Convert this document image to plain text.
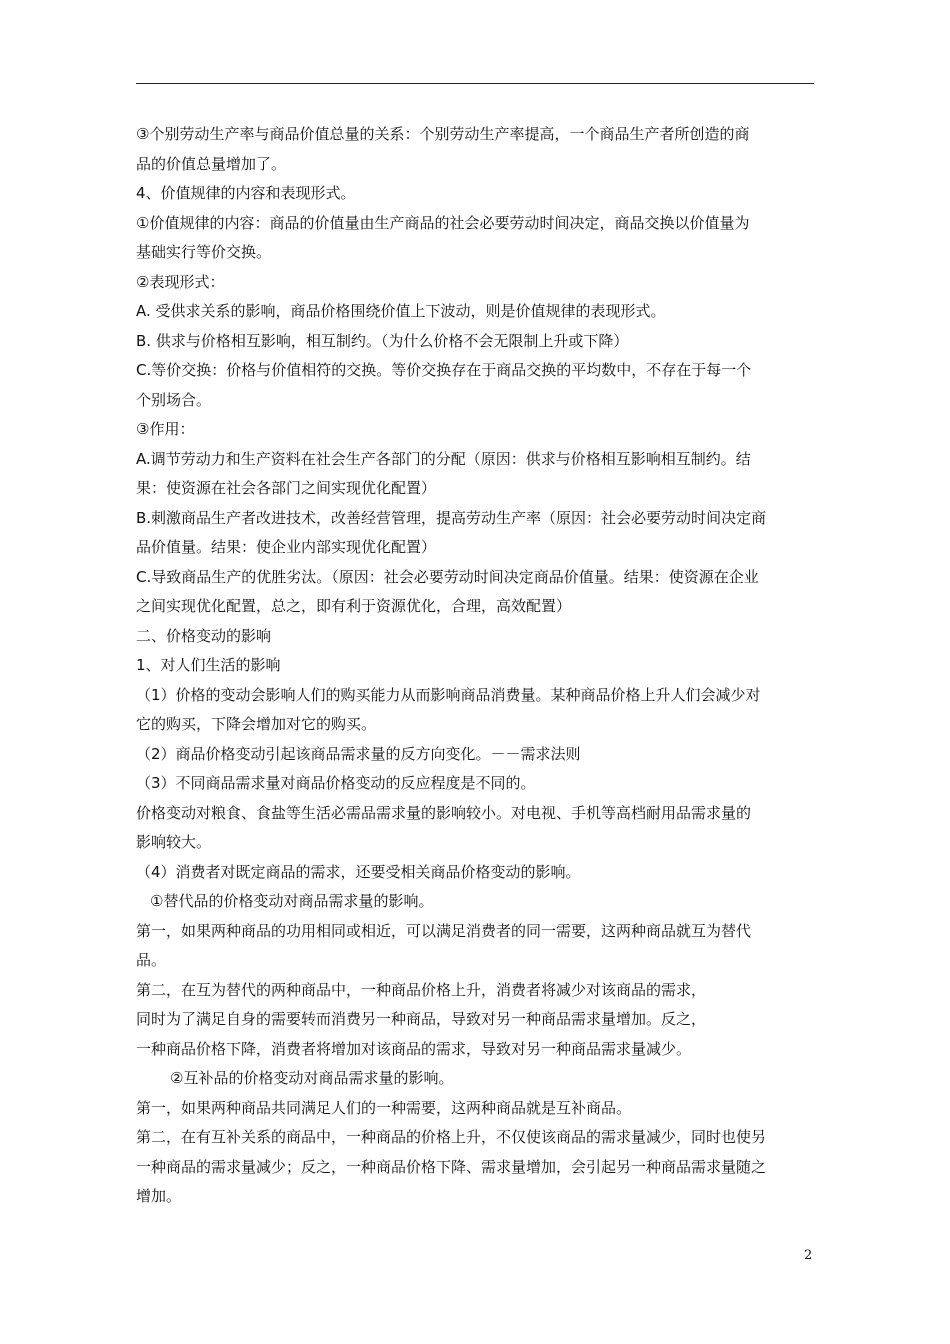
③个别劳动生产率与商品价值总量的关系：个别劳动生产率提高，一个商品生产者所创造的商
品的价值总量增加了。
4、价值规律的内容和表现形式。
①价值规律的内容：商品的价值量由生产商品的社会必要劳动时间决定，商品交换以价值量为
基础实行等价交换。
②表现形式：
A. 受供求关系的影响，商品价格围绕价值上下波动，则是价值规律的表现形式。
B. 供求与价格相互影响，相互制约。（为什么价格不会无限制上升或下降）
C.等价交换：价格与价值相符的交换。等价交换存在于商品交换的平均数中，不存在于每一个
个别场合。
③作用：
A.调节劳动力和生产资料在社会生产各部门的分配（原因：供求与价格相互影响相互制约。结
果：使资源在社会各部门之间实现优化配置）
B.刺激商品生产者改进技术，改善经营管理，提高劳动生产率（原因：社会必要劳动时间决定商
品价值量。结果：使企业内部实现优化配置）
C.导致商品生产的优胜劣汰。（原因：社会必要劳动时间决定商品价值量。结果：使资源在企业
之间实现优化配置，总之，即有利于资源优化，合理，高效配置）
二、价格变动的影响
1、对人们生活的影响
（1）价格的变动会影响人们的购买能力从而影响商品消费量。某种商品价格上升人们会减少对
它的购买，下降会增加对它的购买。
（2）商品价格变动引起该商品需求量的反方向变化。－－需求法则
（3）不同商品需求量对商品价格变动的反应程度是不同的。
价格变动对粮食、食盐等生活必需品需求量的影响较小。对电视、手机等高档耐用品需求量的
影响较大。
（4）消费者对既定商品的需求，还要受相关商品价格变动的影响。
①替代品的价格变动对商品需求量的影响。
第一，如果两种商品的功用相同或相近，可以满足消费者的同一需要，这两种商品就互为替代
品。
第二，在互为替代的两种商品中，一种商品价格上升，消费者将减少对该商品的需求，
同时为了满足自身的需要转而消费另一种商品，导致对另一种商品需求量增加。反之，
一种商品价格下降，消费者将增加对该商品的需求，导致对另一种商品需求量减少。
②互补品的价格变动对商品需求量的影响。
第一，如果两种商品共同满足人们的一种需要，这两种商品就是互补商品。
第二，在有互补关系的商品中，一种商品的价格上升，不仅使该商品的需求量减少，同时也使另
一种商品的需求量减少；反之，一种商品价格下降、需求量增加，会引起另一种商品需求量随之
增加。
2
